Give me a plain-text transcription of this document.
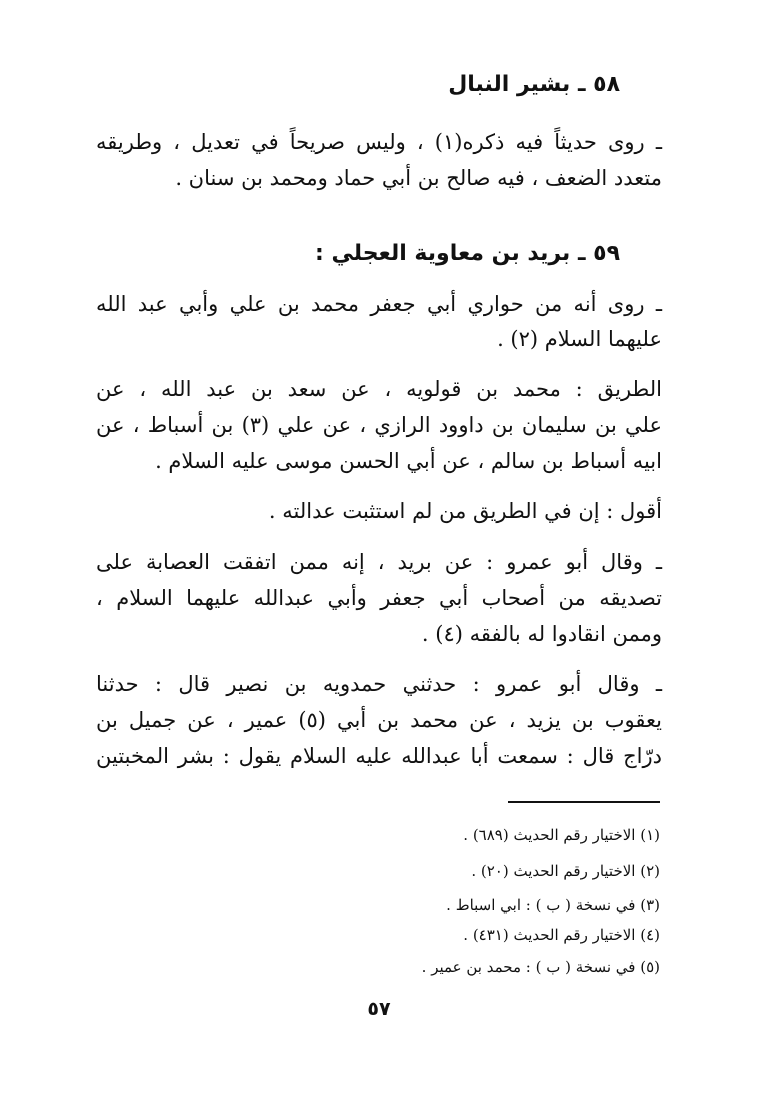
٥٨ ـ بشير النبال
ـ روى حديثاً فيه ذكره(١) ، وليس صريحاً في تعديل ، وطريقه
متعدد الضعف ، فيه صالح بن أبي حماد ومحمد بن سنان .
٥٩ ـ بريد بن معاوية العجلي :
ـ روى أنه من حواري أبي جعفر محمد بن علي وأبي عبد الله
عليهما السلام (٢) .
الطريق : محمد بن قولويه ، عن سعد بن عبد الله ، عن
علي بن سليمان بن داوود الرازي ، عن علي (٣) بن أسباط ، عن
ابيه أسباط بن سالم ، عن أبي الحسن موسى عليه السلام .
أقول : إن في الطريق من لم استثبت عدالته .
ـ وقال أبو عمرو : عن بريد ، إنه ممن اتفقت العصابة على
تصديقه من أصحاب أبي جعفر وأبي عبدالله عليهما السلام ،
وممن انقادوا له بالفقه (٤) .
ـ وقال أبو عمرو : حدثني حمدويه بن نصير قال : حدثنا
يعقوب بن يزيد ، عن محمد بن أبي (٥) عمير ، عن جميل بن
درّاج قال : سمعت أبا عبدالله عليه السلام يقول : بشر المخبتين
(١) الاختيار رقم الحديث (٦٨٩) .
(٢) الاختيار رقم الحديث (٢٠) .
(٣) في نسخة ( ب ) : ابي اسباط .
(٤) الاختيار رقم الحديث (٤٣١) .
(٥) في نسخة ( ب ) : محمد بن عمير .
٥٧
